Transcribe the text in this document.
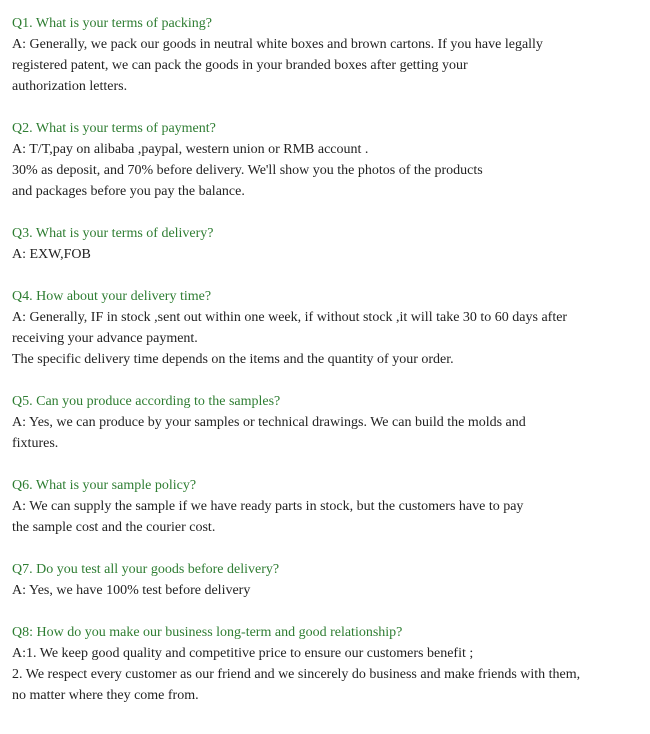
Q1. What is your terms of packing?
A: Generally, we pack our goods in neutral white boxes and brown cartons. If you have legally
registered patent, we can pack the goods in your branded boxes after getting your
authorization letters.
Q2. What is your terms of payment?
A: T/T,pay on alibaba ,paypal, western union or RMB account .
30% as deposit, and 70% before delivery. We'll show you the photos of the products
and packages before you pay the balance.
Q3. What is your terms of delivery?
A: EXW,FOB
Q4. How about your delivery time?
A: Generally, IF in stock ,sent out within one week, if without stock ,it will take 30 to 60 days after
receiving your advance payment.
The specific delivery time depends on the items and the quantity of your order.
Q5. Can you produce according to the samples?
A: Yes, we can produce by your samples or technical drawings. We can build the molds and
fixtures.
Q6. What is your sample policy?
A: We can supply the sample if we have ready parts in stock, but the customers have to pay
the sample cost and the courier cost.
Q7. Do you test all your goods before delivery?
A: Yes, we have 100% test before delivery
Q8: How do you make our business long-term and good relationship?
A:1. We keep good quality and competitive price to ensure our customers benefit ;
2. We respect every customer as our friend and we sincerely do business and make friends with them,
no matter where they come from.
